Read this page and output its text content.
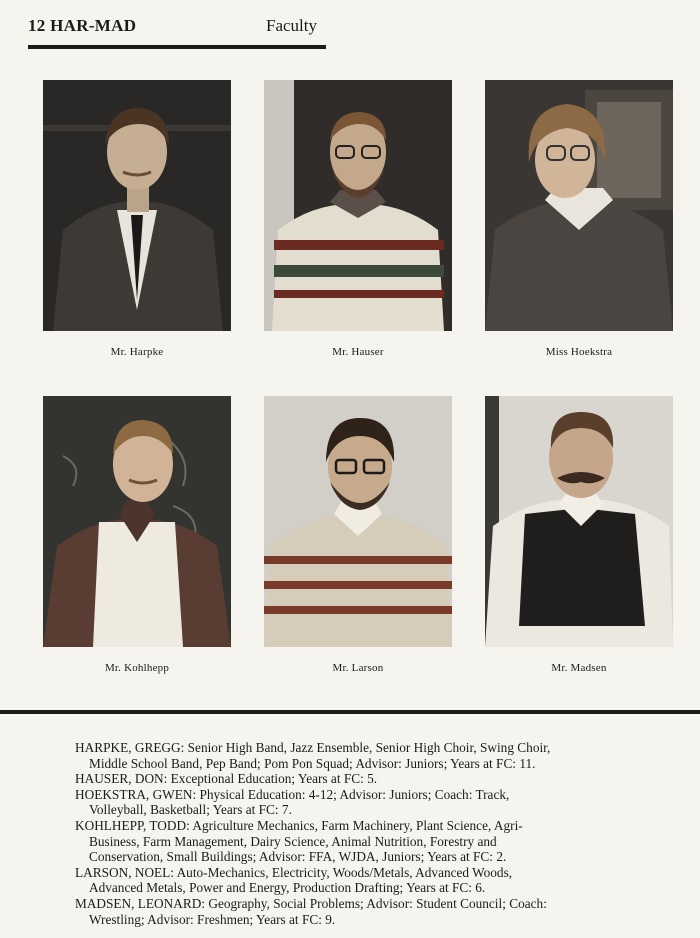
12 HAR-MAD	Faculty
Mr. Harpke	Mr. Hauser	Miss Hoekstra
Mr. Kohlhepp	Mr. Larson	Mr. Madsen

HARPKE, GREGG: Senior High Band, Jazz Ensemble, Senior High Choir, Swing Choir,
Middle School Band, Pep Band; Pom Pon Squad; Advisor: Juniors; Years at FC: 11.

HAUSER, DON: Exceptional Education; Years at FC: 5.

HOEKSTRA, GWEN: Physical Education: 4-12; Advisor: Juniors; Coach: Track,
Volleyball, Basketball; Years at FC: 7.

KOHLHEPP, TODD: Agriculture Mechanics, Farm Machinery, Plant Science, Agri-
Business, Farm Management, Dairy Science, Animal Nutrition, Forestry and
Conservation, Small Buildings; Advisor: FFA, WJDA, Juniors; Years at FC: 2.

LARSON, NOEL: Auto-Mechanics, Electricity, Woods/Metals, Advanced Woods,
Advanced Metals, Power and Energy, Production Drafting; Years at FC: 6.

MADSEN, LEONARD: Geography, Social Problems; Advisor: Student Council; Coach:
Wrestling; Advisor: Freshmen; Years at FC: 9.
